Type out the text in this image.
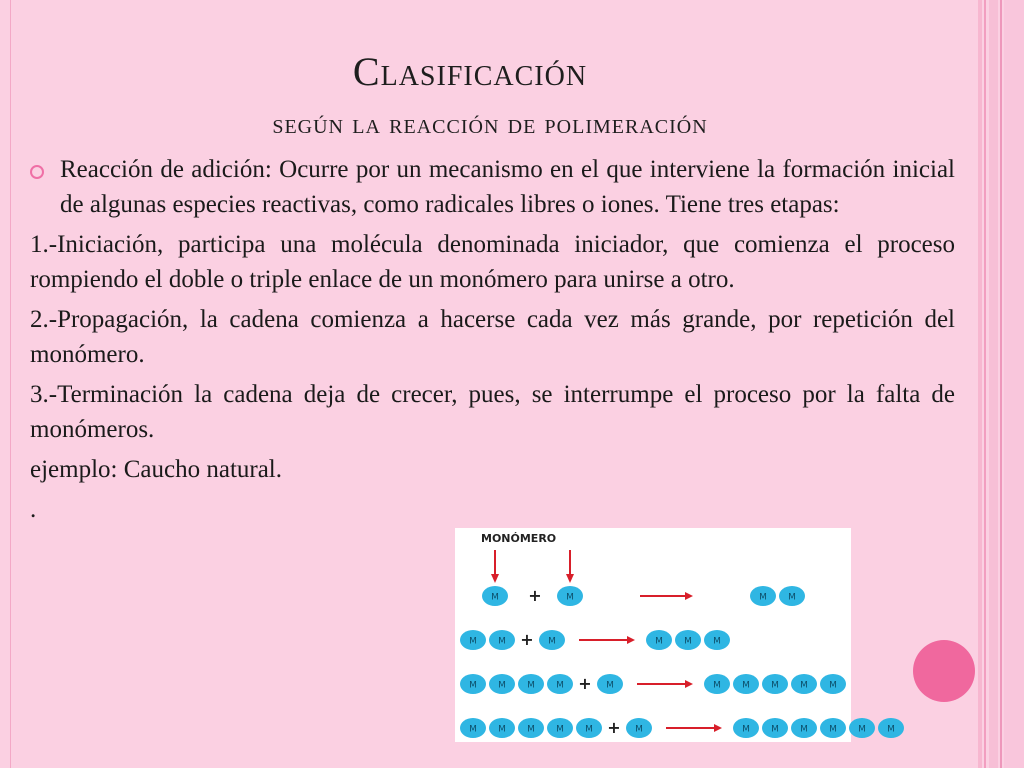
Clasificación
según la reacción de polimeración
Reacción de adición: Ocurre por un mecanismo en el que interviene la formación inicial de algunas especies reactivas, como radicales libres o iones. Tiene tres etapas:
1.-Iniciación, participa una molécula denominada iniciador, que comienza el proceso rompiendo el doble o triple enlace de un monómero para unirse a otro.
2.-Propagación, la cadena comienza a hacerse cada vez más grande, por repetición del monómero.
3.-Terminación la cadena deja de crecer, pues, se interrumpe el proceso por la falta de monómeros.
ejemplo: Caucho natural.
.
MONÓMERO
M +	M	M M
M M + M	M M M
M M M M + M	M M M M M
M M M M M + M	M M M M M M
